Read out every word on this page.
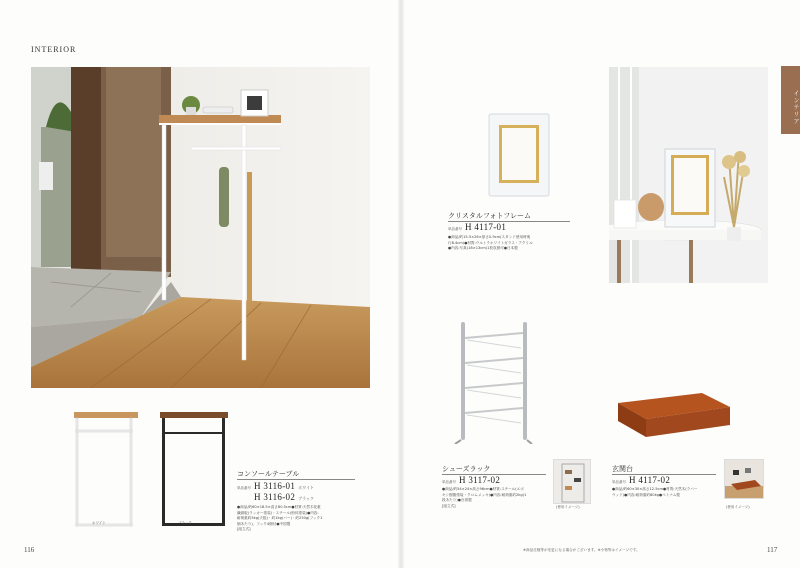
INTERIOR
インテリア
ホワイト	ブラック
コンソールテーブル
単品番号 H 3116-01 ホワイト
H 3116-02 ブラック
●商品/約60×18.5×高さ80.5cm●材質:天然木化粧
繊維板(ラッカー塗装)・スチール(粉体塗装)●内容:
耐荷重約5kg(天板)・約1kg(バー)・約250g(フック1
個あたり)、フック4個付●中国製
[組立式]
116
クリスタルフォトフレーム
単品番号 H 4117-01
●商品/約15.5×26×厚さ0.9cm(スタンド使用時奥
行8.4cm)●材質:ウルトラホワイトガラス・アクリル
●内容:写真(18×13cm)1枚収納可●日本製
シューズラック
単品番号 H 3117-02
●商品/約54×24×高さ96cm●材質:スチール(エポ
キシ樹脂塗装・クロムメッキ)●内容:耐荷重約2kg(1
段あたり)●台湾製
[組立式]	(使用イメージ)
玄関台
単品番号 H 4117-02
●商品/約60×30×高さ12.5cm●材質:天然木(ラバー
ウッド)●内容:耐荷重約80kg●ベトナム製
(使用イメージ)
※商品仕様等が変更になる場合がございます。※小物等はイメージです。	117
